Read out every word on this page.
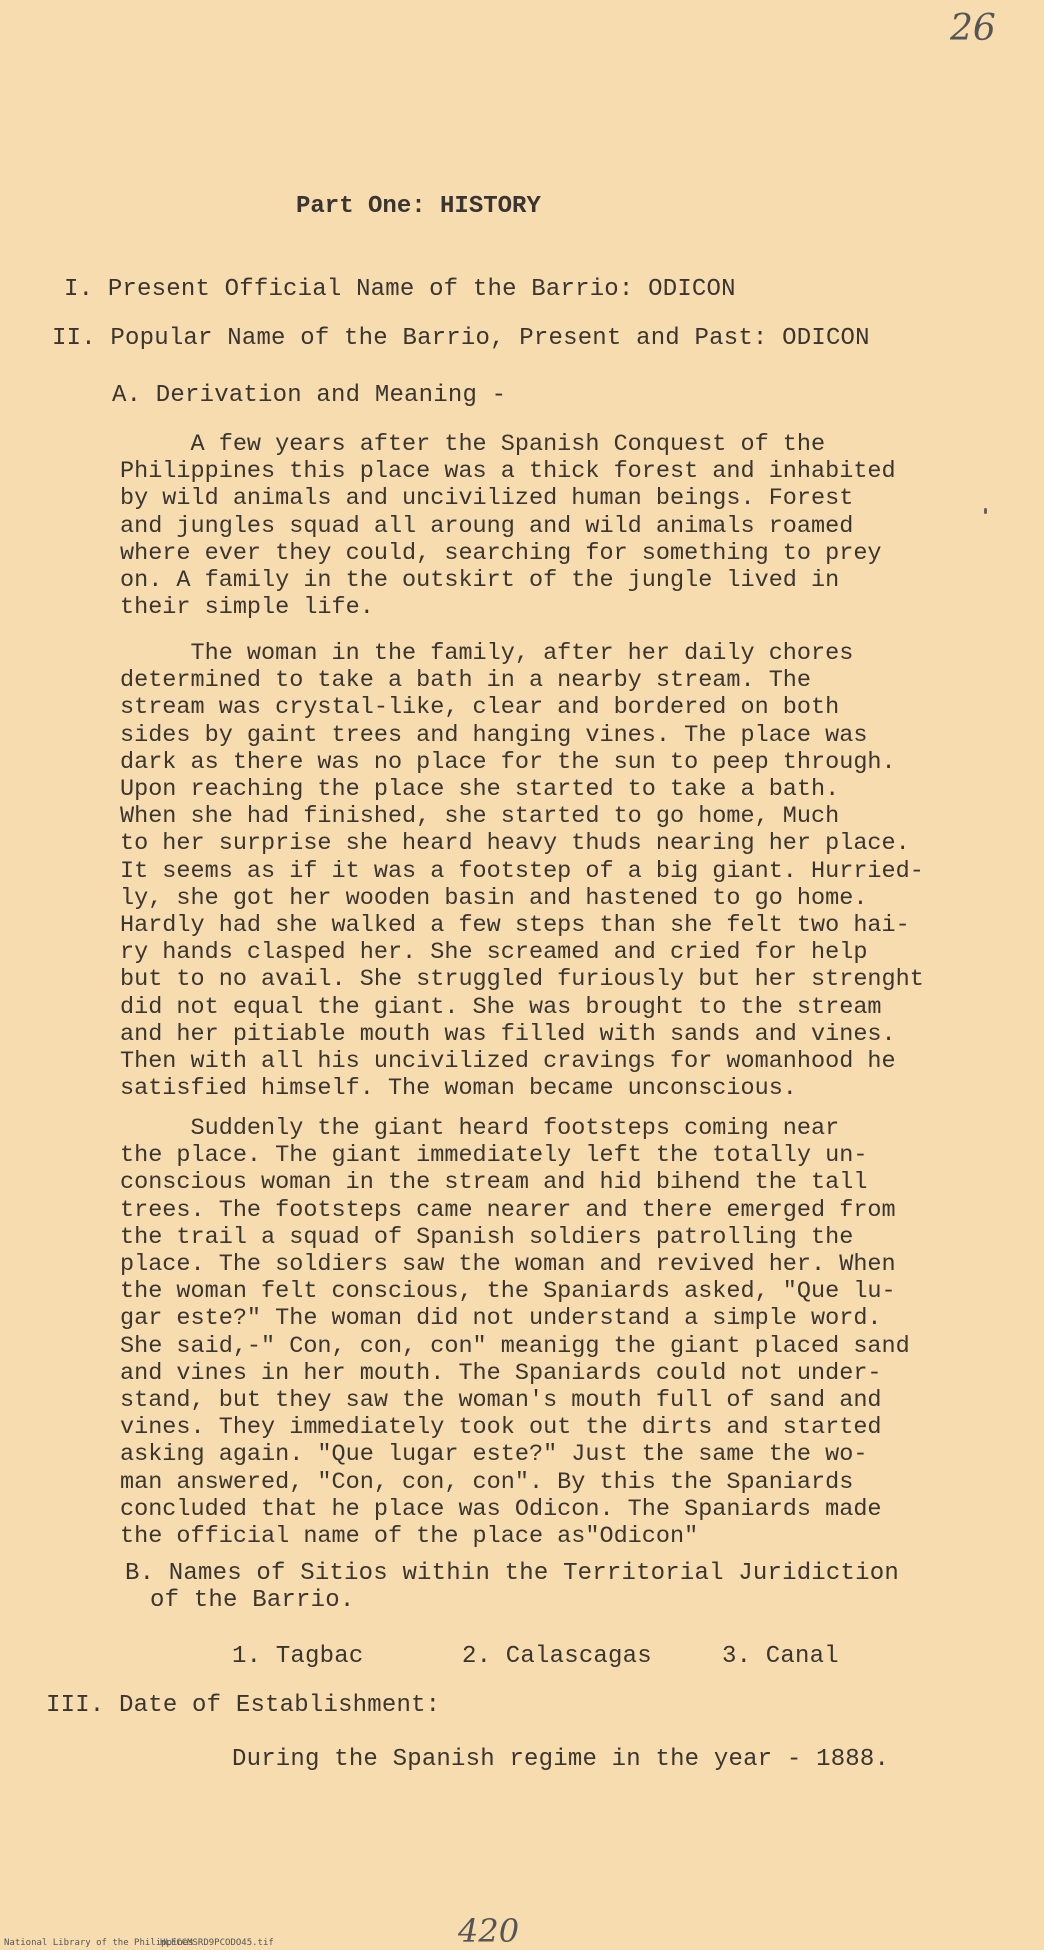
26
Part One: HISTORY
I. Present Official Name of the Barrio: ODICON
II. Popular Name of the Barrio, Present and Past: ODICON
A. Derivation and Meaning -
A few years after the Spanish Conquest of the
Philippines this place was a thick forest and inhabited
by wild animals and uncivilized human beings. Forest
and jungles squad all aroung and wild animals roamed
where ever they could, searching for something to prey
on. A family in the outskirt of the jungle lived in
their simple life.
The woman in the family, after her daily chores
determined to take a bath in a nearby stream. The
stream was crystal-like, clear and bordered on both
sides by gaint trees and hanging vines. The place was
dark as there was no place for the sun to peep through.
Upon reaching the place she started to take a bath.
When she had finished, she started to go home, Much
to her surprise she heard heavy thuds nearing her place.
It seems as if it was a footstep of a big giant. Hurried-
ly, she got her wooden basin and hastened to go home.
Hardly had she walked a few steps than she felt two hai-
ry hands clasped her. She screamed and cried for help
but to no avail. She struggled furiously but her strenght
did not equal the giant. She was brought to the stream
and her pitiable mouth was filled with sands and vines.
Then with all his uncivilized cravings for womanhood he
satisfied himself. The woman became unconscious.
Suddenly the giant heard footsteps coming near
the place. The giant immediately left the totally un-
conscious woman in the stream and hid bihend the tall
trees. The footsteps came nearer and there emerged from
the trail a squad of Spanish soldiers patrolling the
place. The soldiers saw the woman and revived her. When
the woman felt conscious, the Spaniards asked, "Que lu-
gar este?" The woman did not understand a simple word.
She said,-" Con, con, con" meanigg the giant placed sand
and vines in her mouth. The Spaniards could not under-
stand, but they saw the woman's mouth full of sand and
vines. They immediately took out the dirts and started
asking again. "Que lugar este?" Just the same the wo-
man answered, "Con, con, con". By this the Spaniards
concluded that he place was Odicon. The Spaniards made
the official name of the place as"Odicon"
B. Names of Sitios within the Territorial Juridiction
of the Barrio.
1. Tagbac	2. Calascagas	3. Canal
III. Date of Establishment:
During the Spanish regime in the year - 1888.
National Library of the Philippines
HLFCCMSRD9PCODO45.tif	420
